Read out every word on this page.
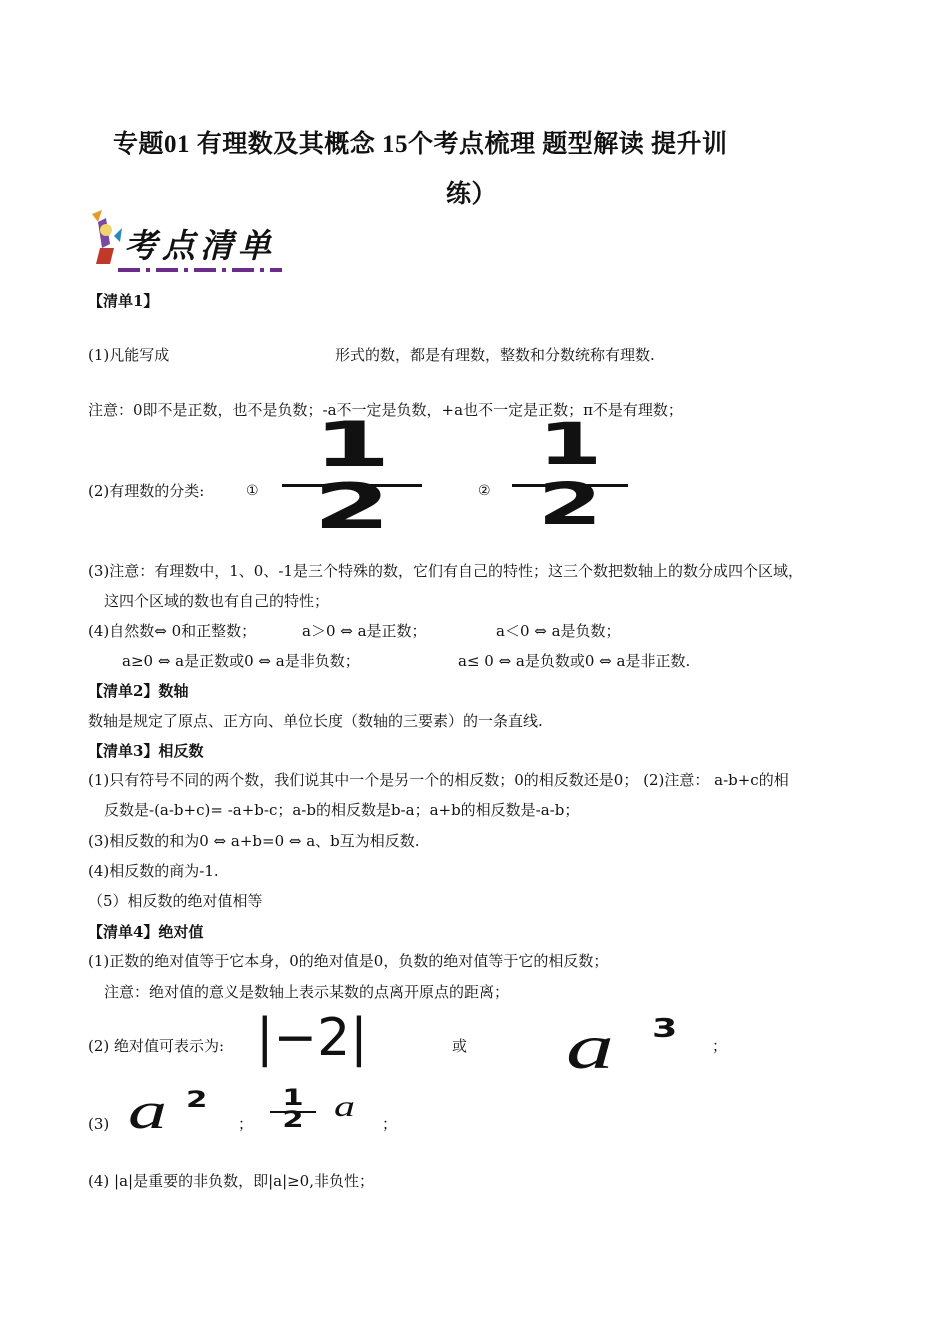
专题01 有理数及其概念 15个考点梳理 题型解读 提升训
练）
考点清单
【清单1】
(1)凡能写成	形式的数，都是有理数，整数和分数统称有理数.
注意：0即不是正数，也不是负数；-a不一定是负数，+a也不一定是正数；π不是有理数；
(2)有理数的分类:	①
1
2	②
1
2
(3)注意：有理数中，1、0、-1是三个特殊的数，它们有自己的特性；这三个数把数轴上的数分成四个区域，
这四个区域的数也有自己的特性；
(4)自然数⇔ 0和正整数；	a＞0 ⇔ a是正数；	a＜0 ⇔ a是负数；
a≥0 ⇔ a是正数或0 ⇔ a是非负数；	a≤ 0 ⇔ a是负数或0 ⇔ a是非正数.
【清单2】数轴
数轴是规定了原点、正方向、单位长度（数轴的三要素）的一条直线.
【清单3】相反数
(1)只有符号不同的两个数，我们说其中一个是另一个的相反数；0的相反数还是0； (2)注意： a-b+c的相
反数是-(a-b+c)= -a+b-c；a-b的相反数是b-a；a+b的相反数是-a-b；
(3)相反数的和为0 ⇔ a+b=0 ⇔ a、b互为相反数.
(4)相反数的商为-1.
（5）相反数的绝对值相等
【清单4】绝对值
(1)正数的绝对值等于它本身，0的绝对值是0，负数的绝对值等于它的相反数；
注意：绝对值的意义是数轴上表示某数的点离开原点的距离；
(2) 绝对值可表示为: |−2|	或 a 3
；
(3) a 2
；
1
2	a
；
(4) |a|是重要的非负数，即|a|≥0,非负性；
